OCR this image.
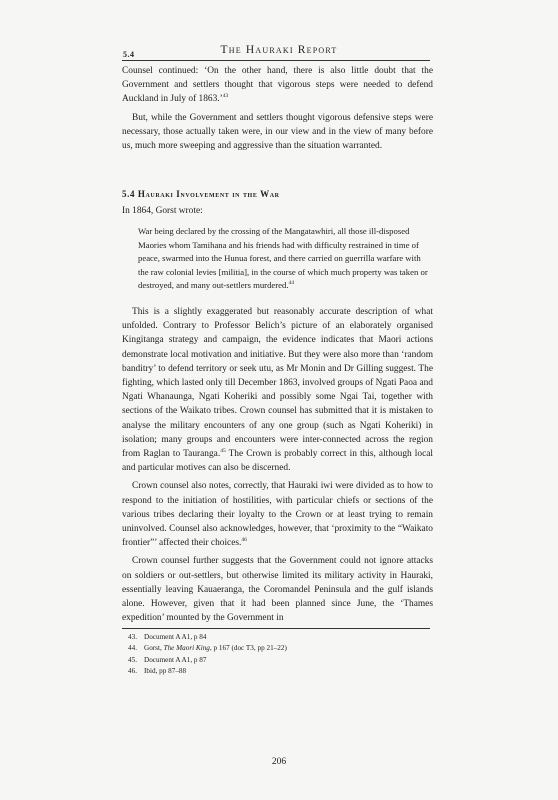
5.4	The Hauraki Report

Counsel continued: ‘On the other hand, there is also little doubt that the Government and settlers thought that vigorous steps were needed to defend Auckland in July of 1863.’$^{43}$

But, while the Government and settlers thought vigorous defensive steps were necessary, those actually taken were, in our view and in the view of many before us, much more sweeping and aggressive than the situation warranted.

5.4 Hauraki Involvement in the War

In 1864, Gorst wrote:

War being declared by the crossing of the Mangatawhiri, all those ill-disposed Maories whom Tamihana and his friends had with difficulty restrained in time of peace, swarmed into the Hunua forest, and there carried on guerrilla warfare with the raw colonial levies [militia], in the course of which much property was taken or destroyed, and many out-settlers murdered.$^{44}$

This is a slightly exaggerated but reasonably accurate description of what unfolded. Contrary to Professor Belich’s picture of an elaborately organised Kingitanga strategy and campaign, the evidence indicates that Maori actions demonstrate local motivation and initiative. But they were also more than ‘random banditry’ to defend territory or seek utu, as Mr Monin and Dr Gilling suggest. The fighting, which lasted only till December 1863, involved groups of Ngati Paoa and Ngati Whanaunga, Ngati Koheriki and possibly some Ngai Tai, together with sections of the Waikato tribes. Crown counsel has submitted that it is mistaken to analyse the military encounters of any one group (such as Ngati Koheriki) in isolation; many groups and encounters were inter-connected across the region from Raglan to Tauranga.$^{45}$ The Crown is probably correct in this, although local and particular motives can also be discerned.

Crown counsel also notes, correctly, that Hauraki iwi were divided as to how to respond to the initiation of hostilities, with particular chiefs or sections of the various tribes declaring their loyalty to the Crown or at least trying to remain uninvolved. Counsel also acknowledges, however, that ‘proximity to the “Waikato frontier”’ affected their choices.$^{46}$

Crown counsel further suggests that the Government could not ignore attacks on soldiers or out-settlers, but otherwise limited its military activity in Hauraki, essentially leaving Kauaeranga, the Coromandel Peninsula and the gulf islands alone. However, given that it had been planned since June, the ‘Thames expedition’ mounted by the Government in

43. Document A A1, p 84
44. Gorst, The Maori King, p 167 (doc T3, pp 21–22)
45. Document A A1, p 87
46. Ibid, pp 87–88
206
